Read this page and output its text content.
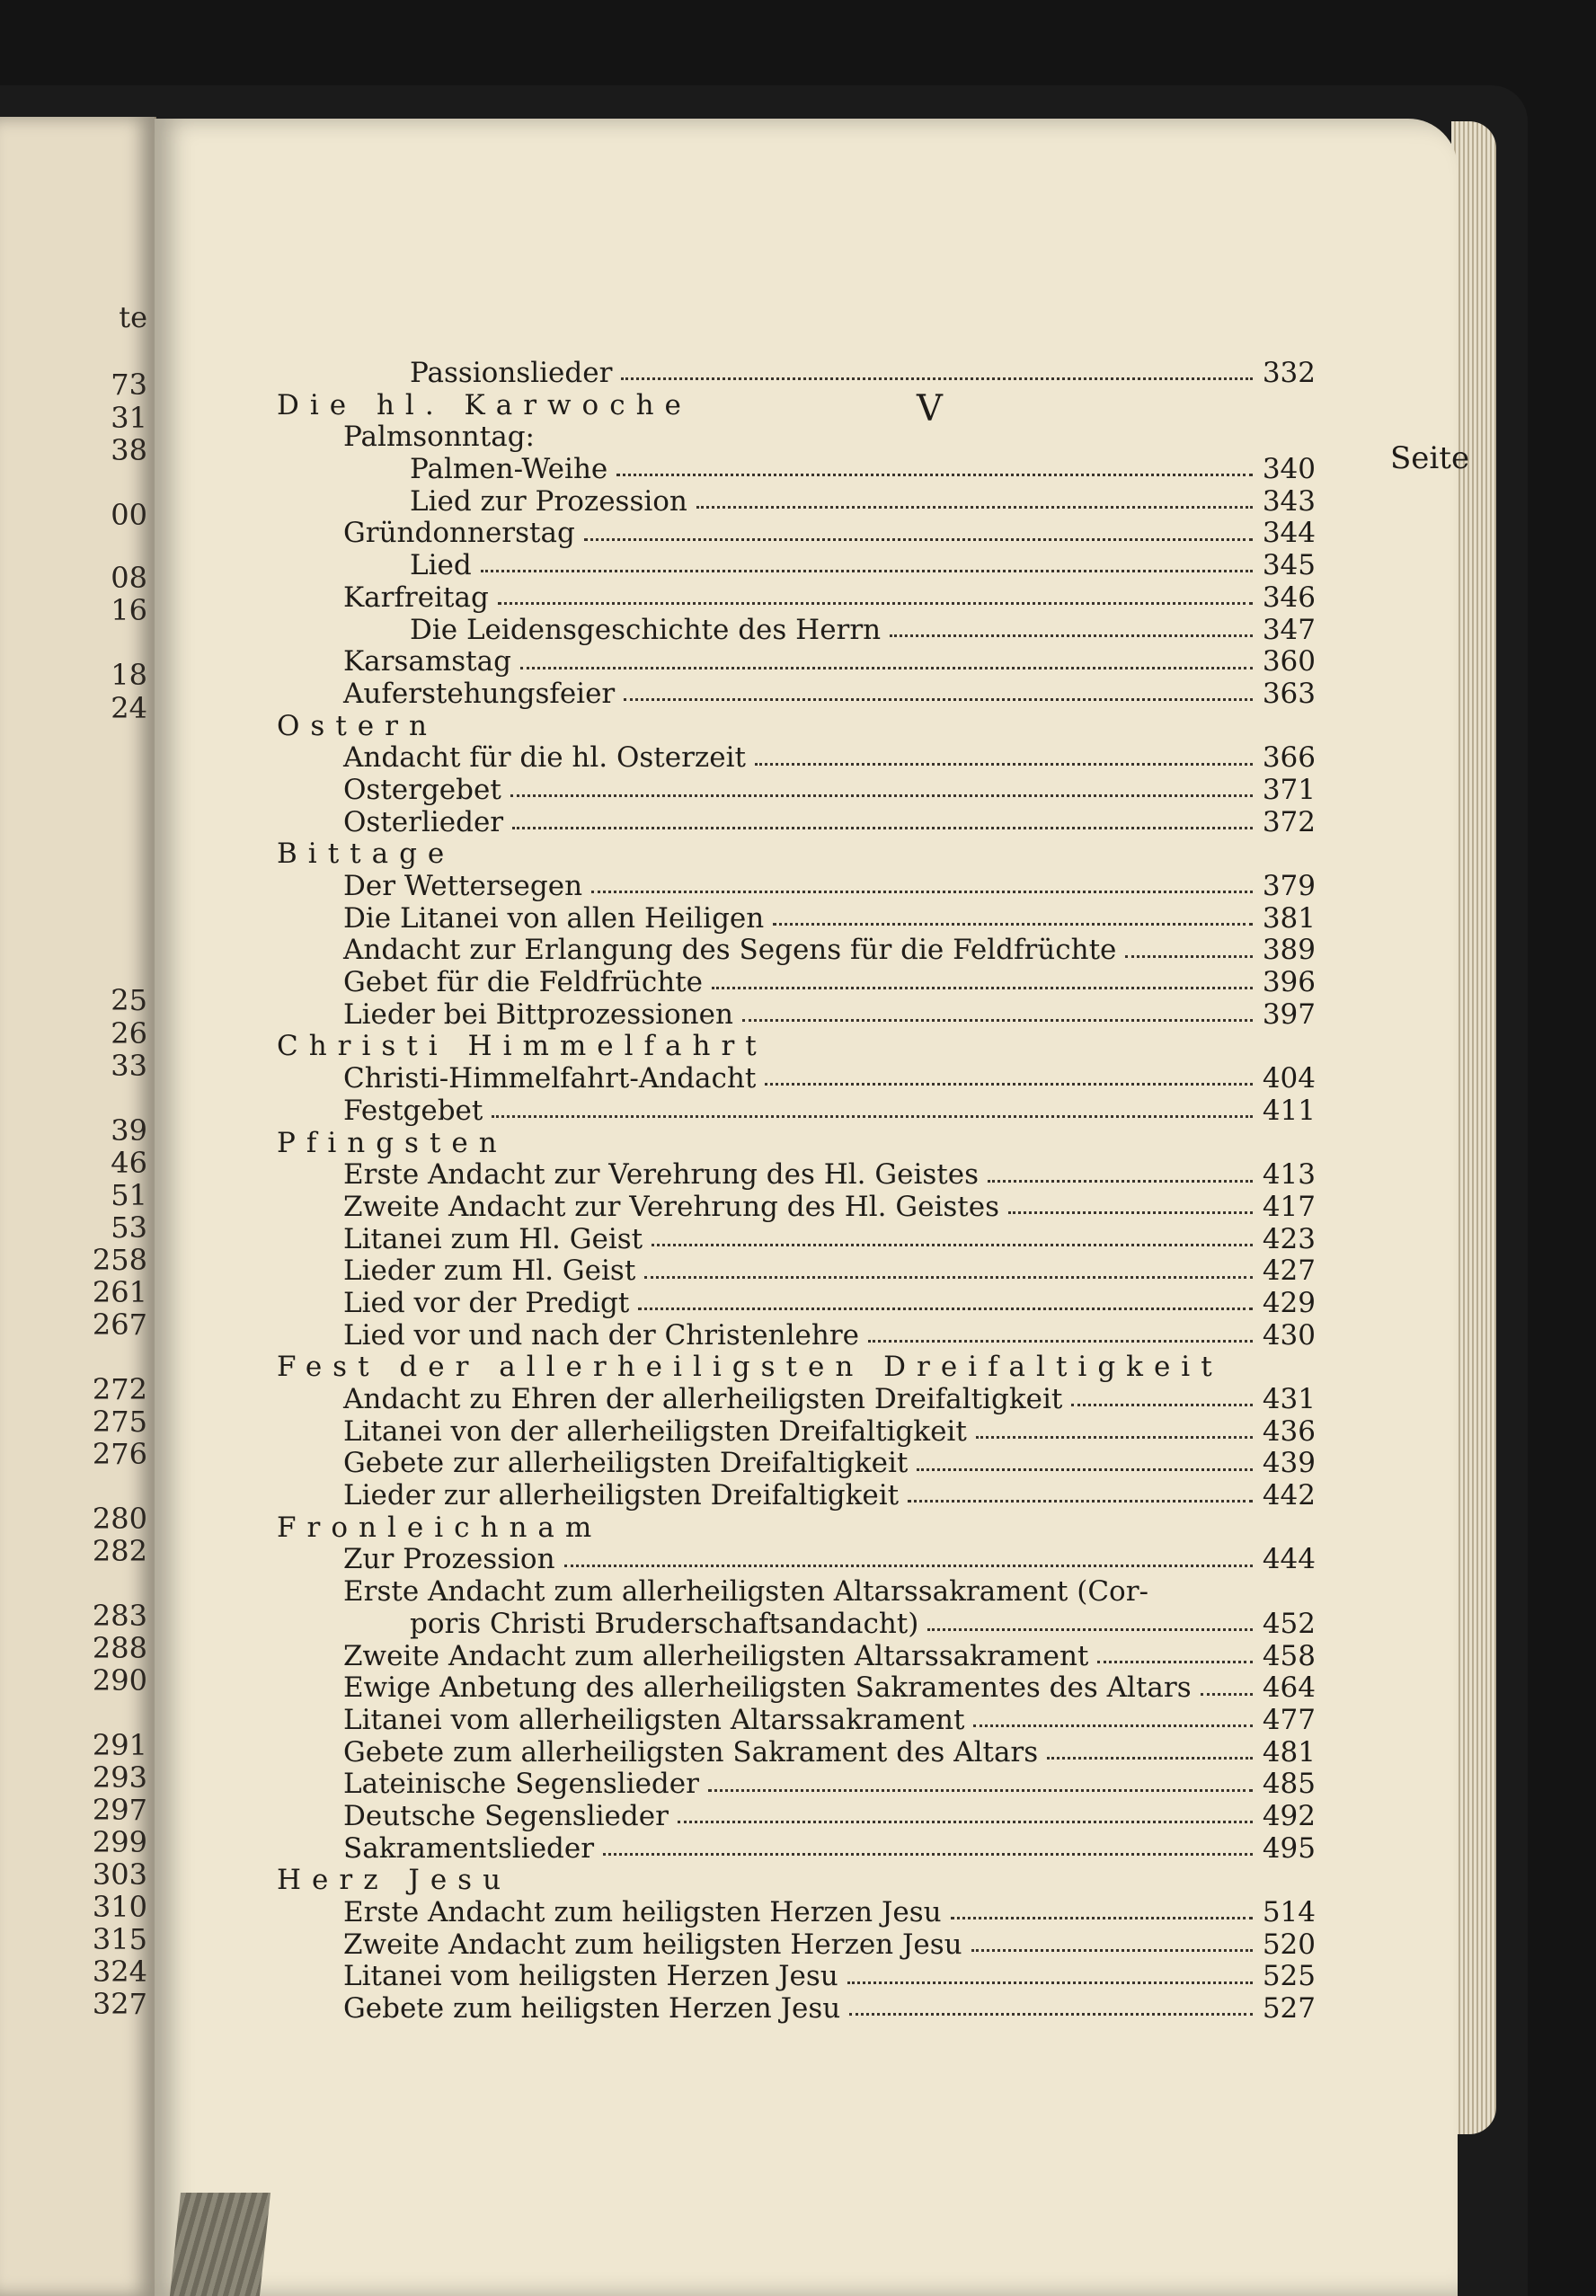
te
73
31
38
00
08
16
18
24
25
26
33
39
46
51
53
258
261
267
272
275
276
280
282
283
288
290
291
293
297
299
303
310
315
324
327
V
Seite
Passionslieder	332
Die hl. Karwoche
Palmsonntag:
Palmen-Weihe	340
Lied zur Prozession	343
Gründonnerstag	344
Lied	345
Karfreitag	346
Die Leidensgeschichte des Herrn	347
Karsamstag	360
Auferstehungsfeier	363
Ostern
Andacht für die hl. Osterzeit	366
Ostergebet	371
Osterlieder	372
Bittage
Der Wettersegen	379
Die Litanei von allen Heiligen	381
Andacht zur Erlangung des Segens für die Feldfrüchte	389
Gebet für die Feldfrüchte	396
Lieder bei Bittprozessionen	397
Christi Himmelfahrt
Christi-Himmelfahrt-Andacht	404
Festgebet	411
Pfingsten
Erste Andacht zur Verehrung des Hl. Geistes	413
Zweite Andacht zur Verehrung des Hl. Geistes	417
Litanei zum Hl. Geist	423
Lieder zum Hl. Geist	427
Lied vor der Predigt	429
Lied vor und nach der Christenlehre	430
Fest der allerheiligsten Dreifaltigkeit
Andacht zu Ehren der allerheiligsten Dreifaltigkeit	431
Litanei von der allerheiligsten Dreifaltigkeit	436
Gebete zur allerheiligsten Dreifaltigkeit	439
Lieder zur allerheiligsten Dreifaltigkeit	442
Fronleichnam
Zur Prozession	444
Erste Andacht zum allerheiligsten Altarssakrament (Cor-
poris Christi Bruderschaftsandacht)	452
Zweite Andacht zum allerheiligsten Altarssakrament	458
Ewige Anbetung des allerheiligsten Sakramentes des Altars	464
Litanei vom allerheiligsten Altarssakrament	477
Gebete zum allerheiligsten Sakrament des Altars	481
Lateinische Segenslieder	485
Deutsche Segenslieder	492
Sakramentslieder	495
Herz Jesu
Erste Andacht zum heiligsten Herzen Jesu	514
Zweite Andacht zum heiligsten Herzen Jesu	520
Litanei vom heiligsten Herzen Jesu	525
Gebete zum heiligsten Herzen Jesu	527
